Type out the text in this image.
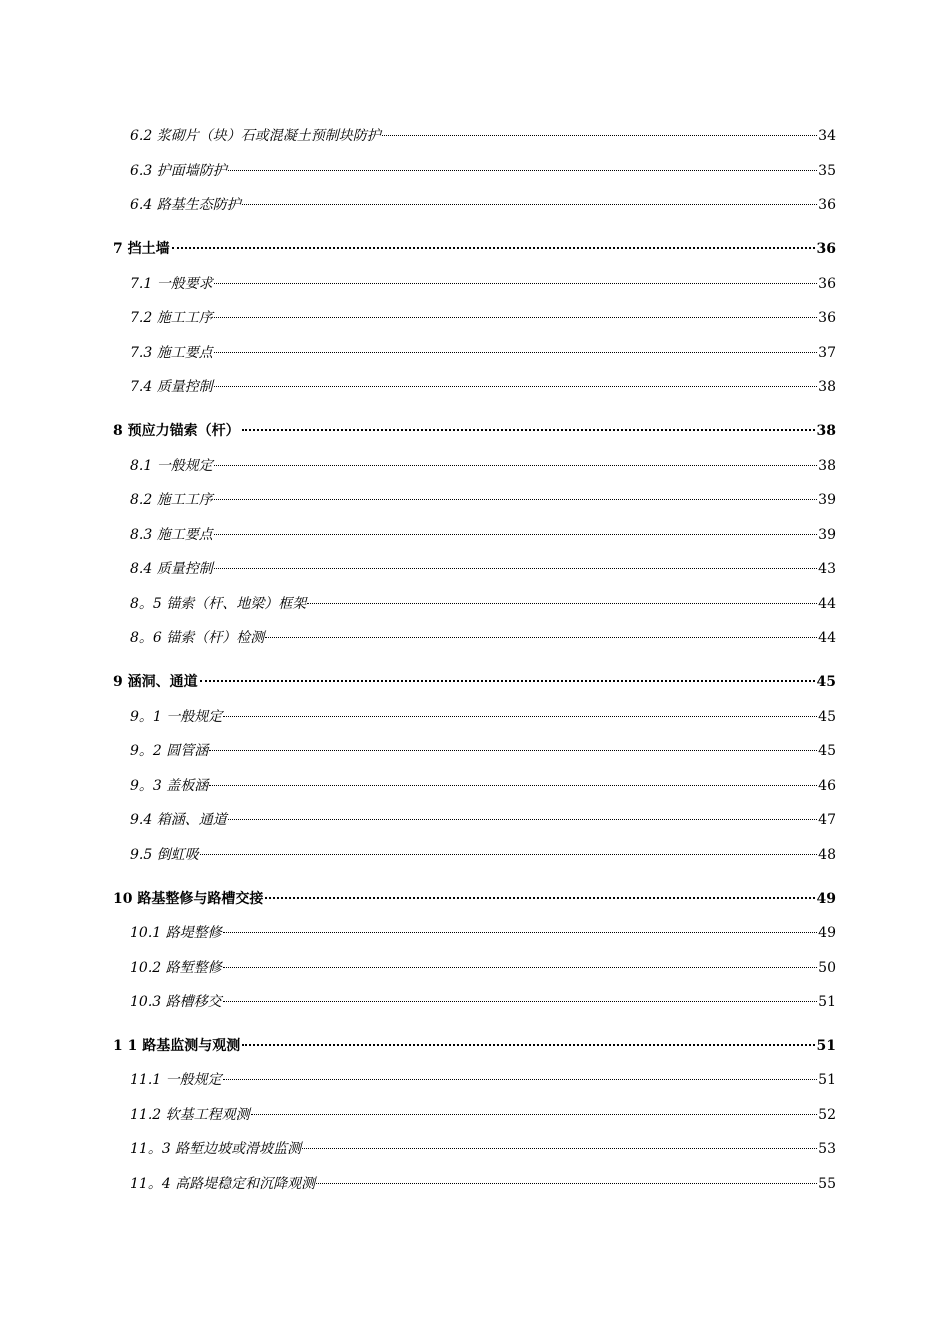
6.2 浆砌片（块）石或混凝土预制块防护	34
6.3 护面墙防护	35
6.4 路基生态防护	36
7 挡土墙	36
7.1 一般要求	36
7.2 施工工序	36
7.3 施工要点	37
7.4 质量控制	38
8 预应力锚索（杆）	38
8.1 一般规定	38
8.2 施工工序	39
8.3 施工要点	39
8.4 质量控制	43
8。5 锚索（杆、地梁）框架	44
8。6 锚索（杆）检测	44
9 涵洞、通道	45
9。1 一般规定	45
9。2 圆管涵	45
9。3 盖板涵	46
9.4 箱涵、通道	47
9.5 倒虹吸	48
10 路基整修与路槽交接	49
10.1 路堤整修	49
10.2 路堑整修	50
10.3 路槽移交	51
1 1 路基监测与观测	51
11.1 一般规定	51
11.2 软基工程观测	52
11。3 路堑边坡或滑坡监测	53
11。4 高路堤稳定和沉降观测	55
